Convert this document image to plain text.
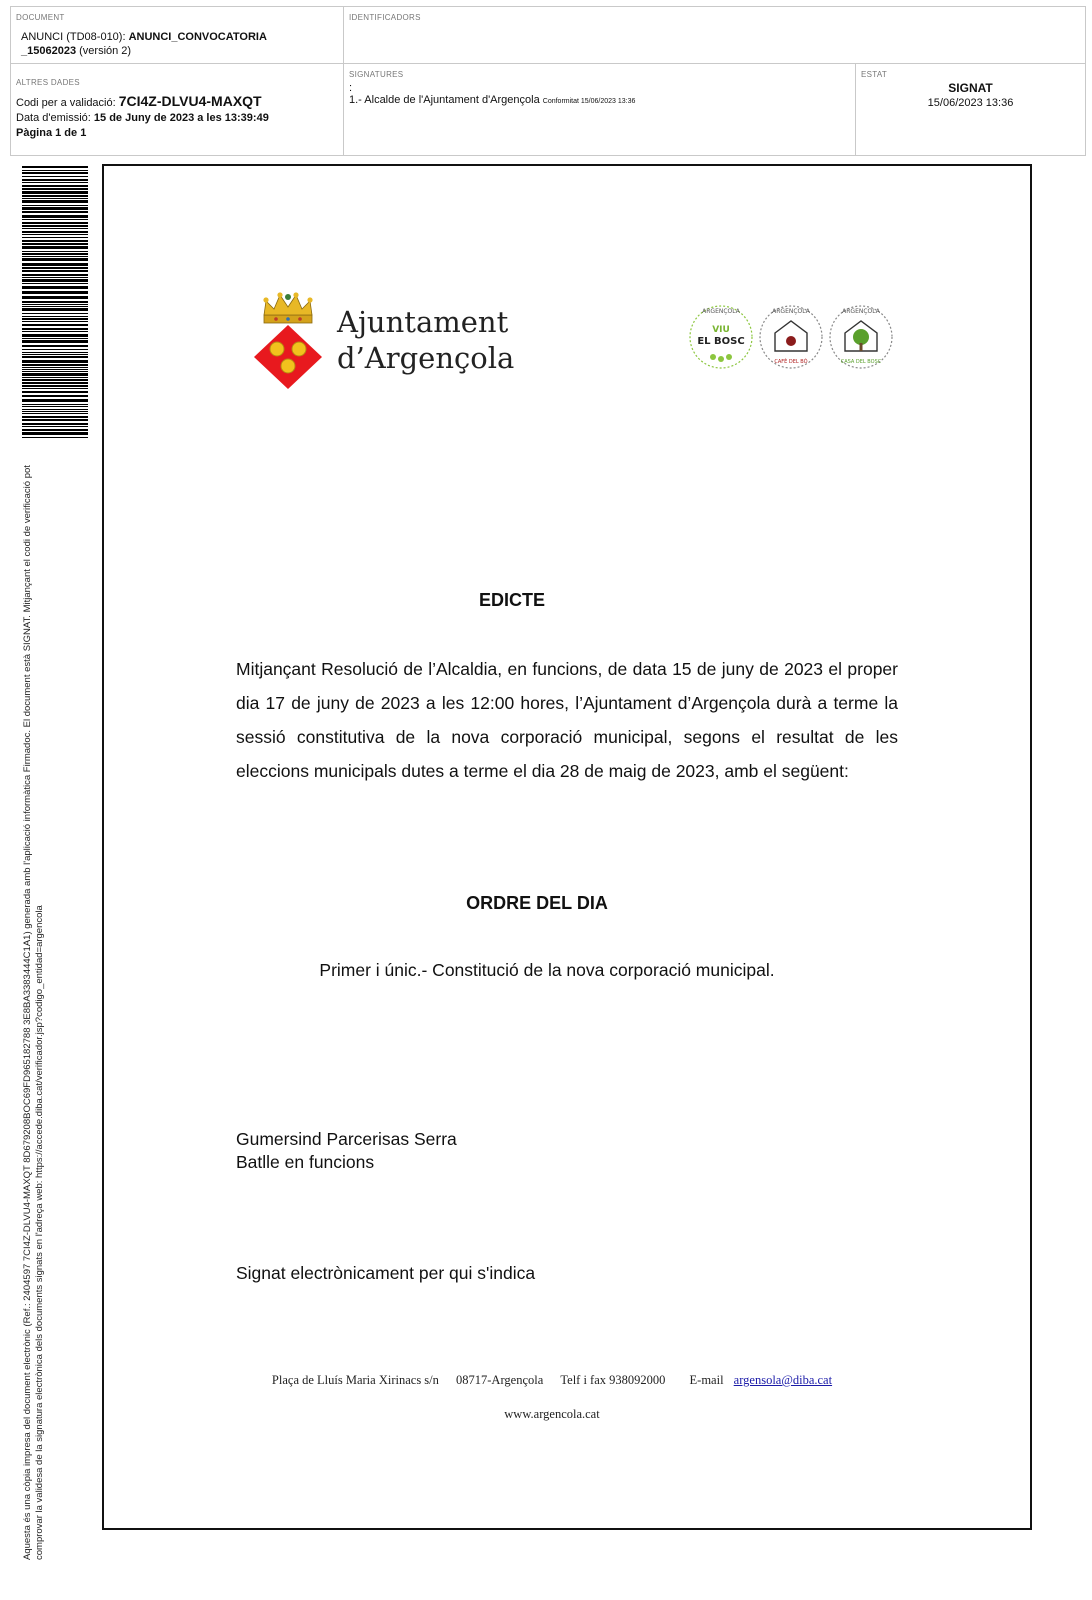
DOCUMENT
ANUNCI (TD08-010): ANUNCI_CONVOCATORIA
_15062023 (versión 2)
IDENTIFICADORS
ALTRES DADES
Codi per a validació: 7CI4Z-DLVU4-MAXQT
Data d'emissió: 15 de Juny de 2023 a les 13:39:49
Pàgina 1 de 1
SIGNATURES
:
1.- Alcalde de l'Ajuntament d'Argençola Conformitat 15/06/2023 13:36
ESTAT
SIGNAT
15/06/2023 13:36
Aquesta és una còpia impresa del document electrònic (Ref.: 2404597 7CI4Z-DLVU4-MAXQT 8D679208BOC69FD965182788 3E8BA3383444C1A1) generada amb l'aplicació informàtica Firmadoc. El document està SIGNAT. Mitjançant el codi de verificació pot comprovar la validesa de la signatura electrònica dels documents signats en l'adreça web: https://accede.diba.cat/verificador.jsp?codigo_entidad=argencola
Ajuntament
d’Argençola
ARGENÇOLA
VIU
EL BOSC
ARGENÇOLA
CAFÈ DEL BÓ
ARGENÇOLA
CASA DEL BOSC
EDICTE
Mitjançant Resolució de l’Alcaldia, en funcions, de data 15 de juny de 2023 el proper dia 17 de juny de 2023 a les 12:00 hores, l’Ajuntament d’Argençola durà a terme la sessió constitutiva de la nova corporació municipal, segons el resultat de les eleccions municipals dutes a terme el dia 28 de maig de 2023, amb el següent:
ORDRE DEL DIA
Primer i únic.- Constitució de la nova corporació municipal.
Gumersind Parcerisas Serra
Batlle en funcions
Signat electrònicament per qui s'indica
Plaça de Lluís Maria Xirinacs s/n 08717-Argençola Telf i fax 938092000 E-mail argensola@diba.cat
www.argencola.cat
